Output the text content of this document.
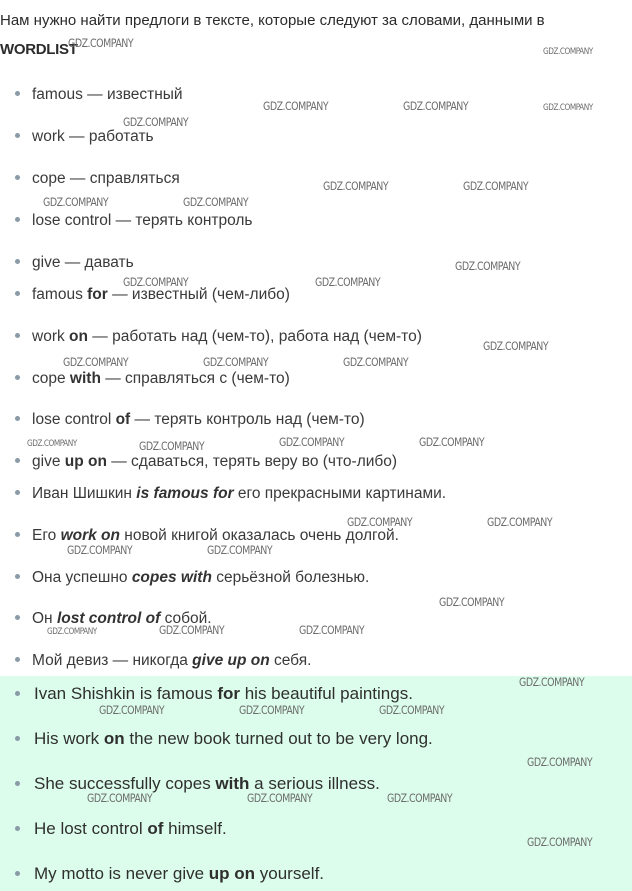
Нам нужно найти предлоги в тексте, которые следуют за словами, данными в
WORDLIST
famous — известный
work — работать
cope — справляться
lose control — терять контроль
give — давать
famous for — известный (чем-либо)
work on — работать над (чем-то), работа над (чем-то)
cope with — справляться с (чем-то)
lose control of — терять контроль над (чем-то)
give up on — сдаваться, терять веру во (что-либо)
Иван Шишкин is famous for его прекрасными картинами.
Его work on новой книгой оказалась очень долгой.
Она успешно copes with серьёзной болезнью.
Он lost control of собой.
Мой девиз — никогда give up on себя.
Ivan Shishkin is famous for his beautiful paintings.
His work on the new book turned out to be very long.
She successfully copes with a serious illness.
He lost control of himself.
My motto is never give up on yourself.
GDZ.COMPANY
GDZ.COMPANY
GDZ.COMPANY	GDZ.COMPANY	GDZ.COMPANY
GDZ.COMPANY
GDZ.COMPANY	GDZ.COMPANY
GDZ.COMPANY	GDZ.COMPANY
GDZ.COMPANY
GDZ.COMPANY	GDZ.COMPANY
GDZ.COMPANY
GDZ.COMPANY	GDZ.COMPANY	GDZ.COMPANY
GDZ.COMPANY	GDZ.COMPANY	GDZ.COMPANY
GDZ.COMPANY
GDZ.COMPANY	GDZ.COMPANY
GDZ.COMPANY	GDZ.COMPANY
GDZ.COMPANY
GDZ.COMPANY	GDZ.COMPANY	GDZ.COMPANY
GDZ.COMPANY
GDZ.COMPANY	GDZ.COMPANY	GDZ.COMPANY
GDZ.COMPANY
GDZ.COMPANY	GDZ.COMPANY	GDZ.COMPANY
GDZ.COMPANY
